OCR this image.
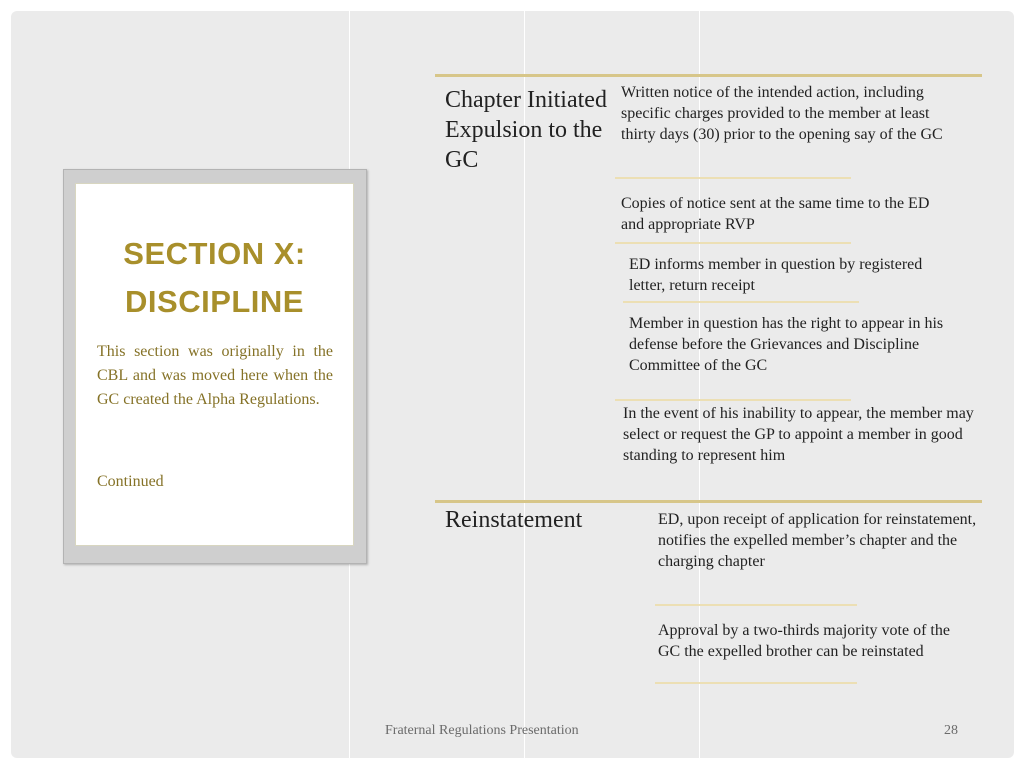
SECTION X:
DISCIPLINE
This section was originally in the CBL and was moved here when the GC created the Alpha Regulations.
Continued
Chapter Initiated Expulsion to the GC
Written notice of the intended action, including specific charges provided to the member at least thirty days (30) prior to the opening say of the GC
Copies of notice sent at the same time to the ED and appropriate RVP
ED informs member in question by registered letter, return receipt
Member in question has the right to appear in his defense before the Grievances and Discipline Committee of the GC
In the event of his inability to appear, the member may select or request the GP to appoint a member in good standing to represent him
Reinstatement	ED, upon receipt of application for reinstatement, notifies the expelled member’s chapter and the charging chapter
Approval by a two-thirds majority vote of the GC the expelled brother can be reinstated
Fraternal Regulations Presentation	28
